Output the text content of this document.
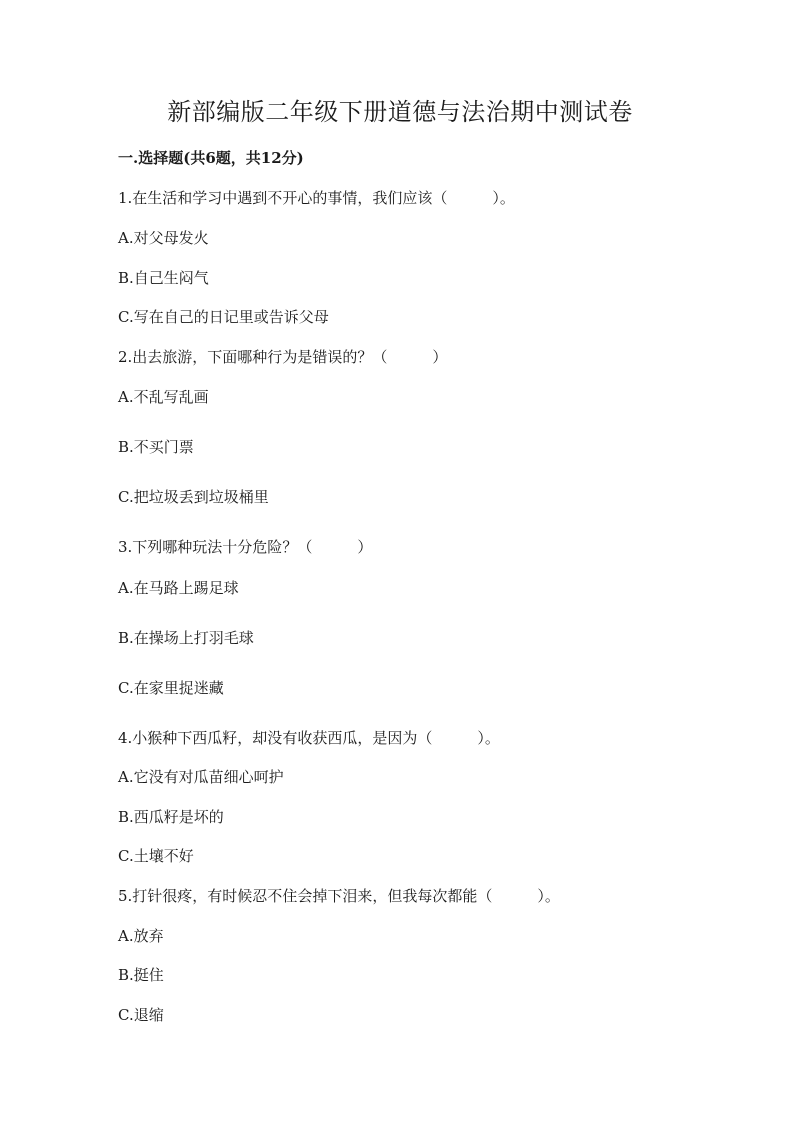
新部编版二年级下册道德与法治期中测试卷
一.选择题(共6题，共12分)
1.在生活和学习中遇到不开心的事情，我们应该（　　　）。
A.对父母发火
B.自己生闷气
C.写在自己的日记里或告诉父母
2.出去旅游，下面哪种行为是错误的？（　　　）
A.不乱写乱画
B.不买门票
C.把垃圾丢到垃圾桶里
3.下列哪种玩法十分危险？（　　　）
A.在马路上踢足球
B.在操场上打羽毛球
C.在家里捉迷藏
4.小猴种下西瓜籽，却没有收获西瓜，是因为（　　　）。
A.它没有对瓜苗细心呵护
B.西瓜籽是坏的
C.土壤不好
5.打针很疼，有时候忍不住会掉下泪来，但我每次都能（　　　）。
A.放弃
B.挺住
C.退缩
